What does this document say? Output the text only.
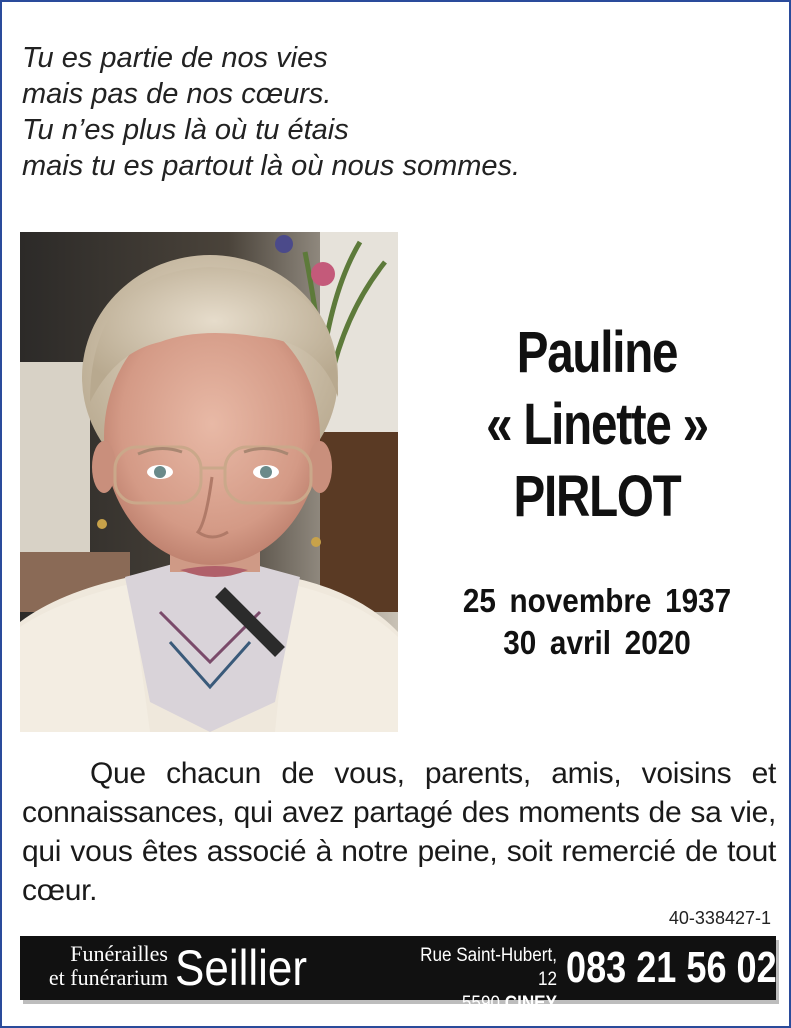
Tu es partie de nos vies
mais pas de nos cœurs.
Tu n’es plus là où tu étais
mais tu es partout là où nous sommes.
Pauline
« Linette »
PIRLOT
25 novembre 1937
30 avril 2020
Que chacun de vous, parents, amis, voisins et connaissances, qui avez partagé des moments de sa vie, qui vous êtes associé à notre peine, soit remercié de tout cœur.
40-338427-1
Funérailles
et funérarium Seillier	Rue Saint-Hubert, 12
5590 CINEY
083 21 56 02
